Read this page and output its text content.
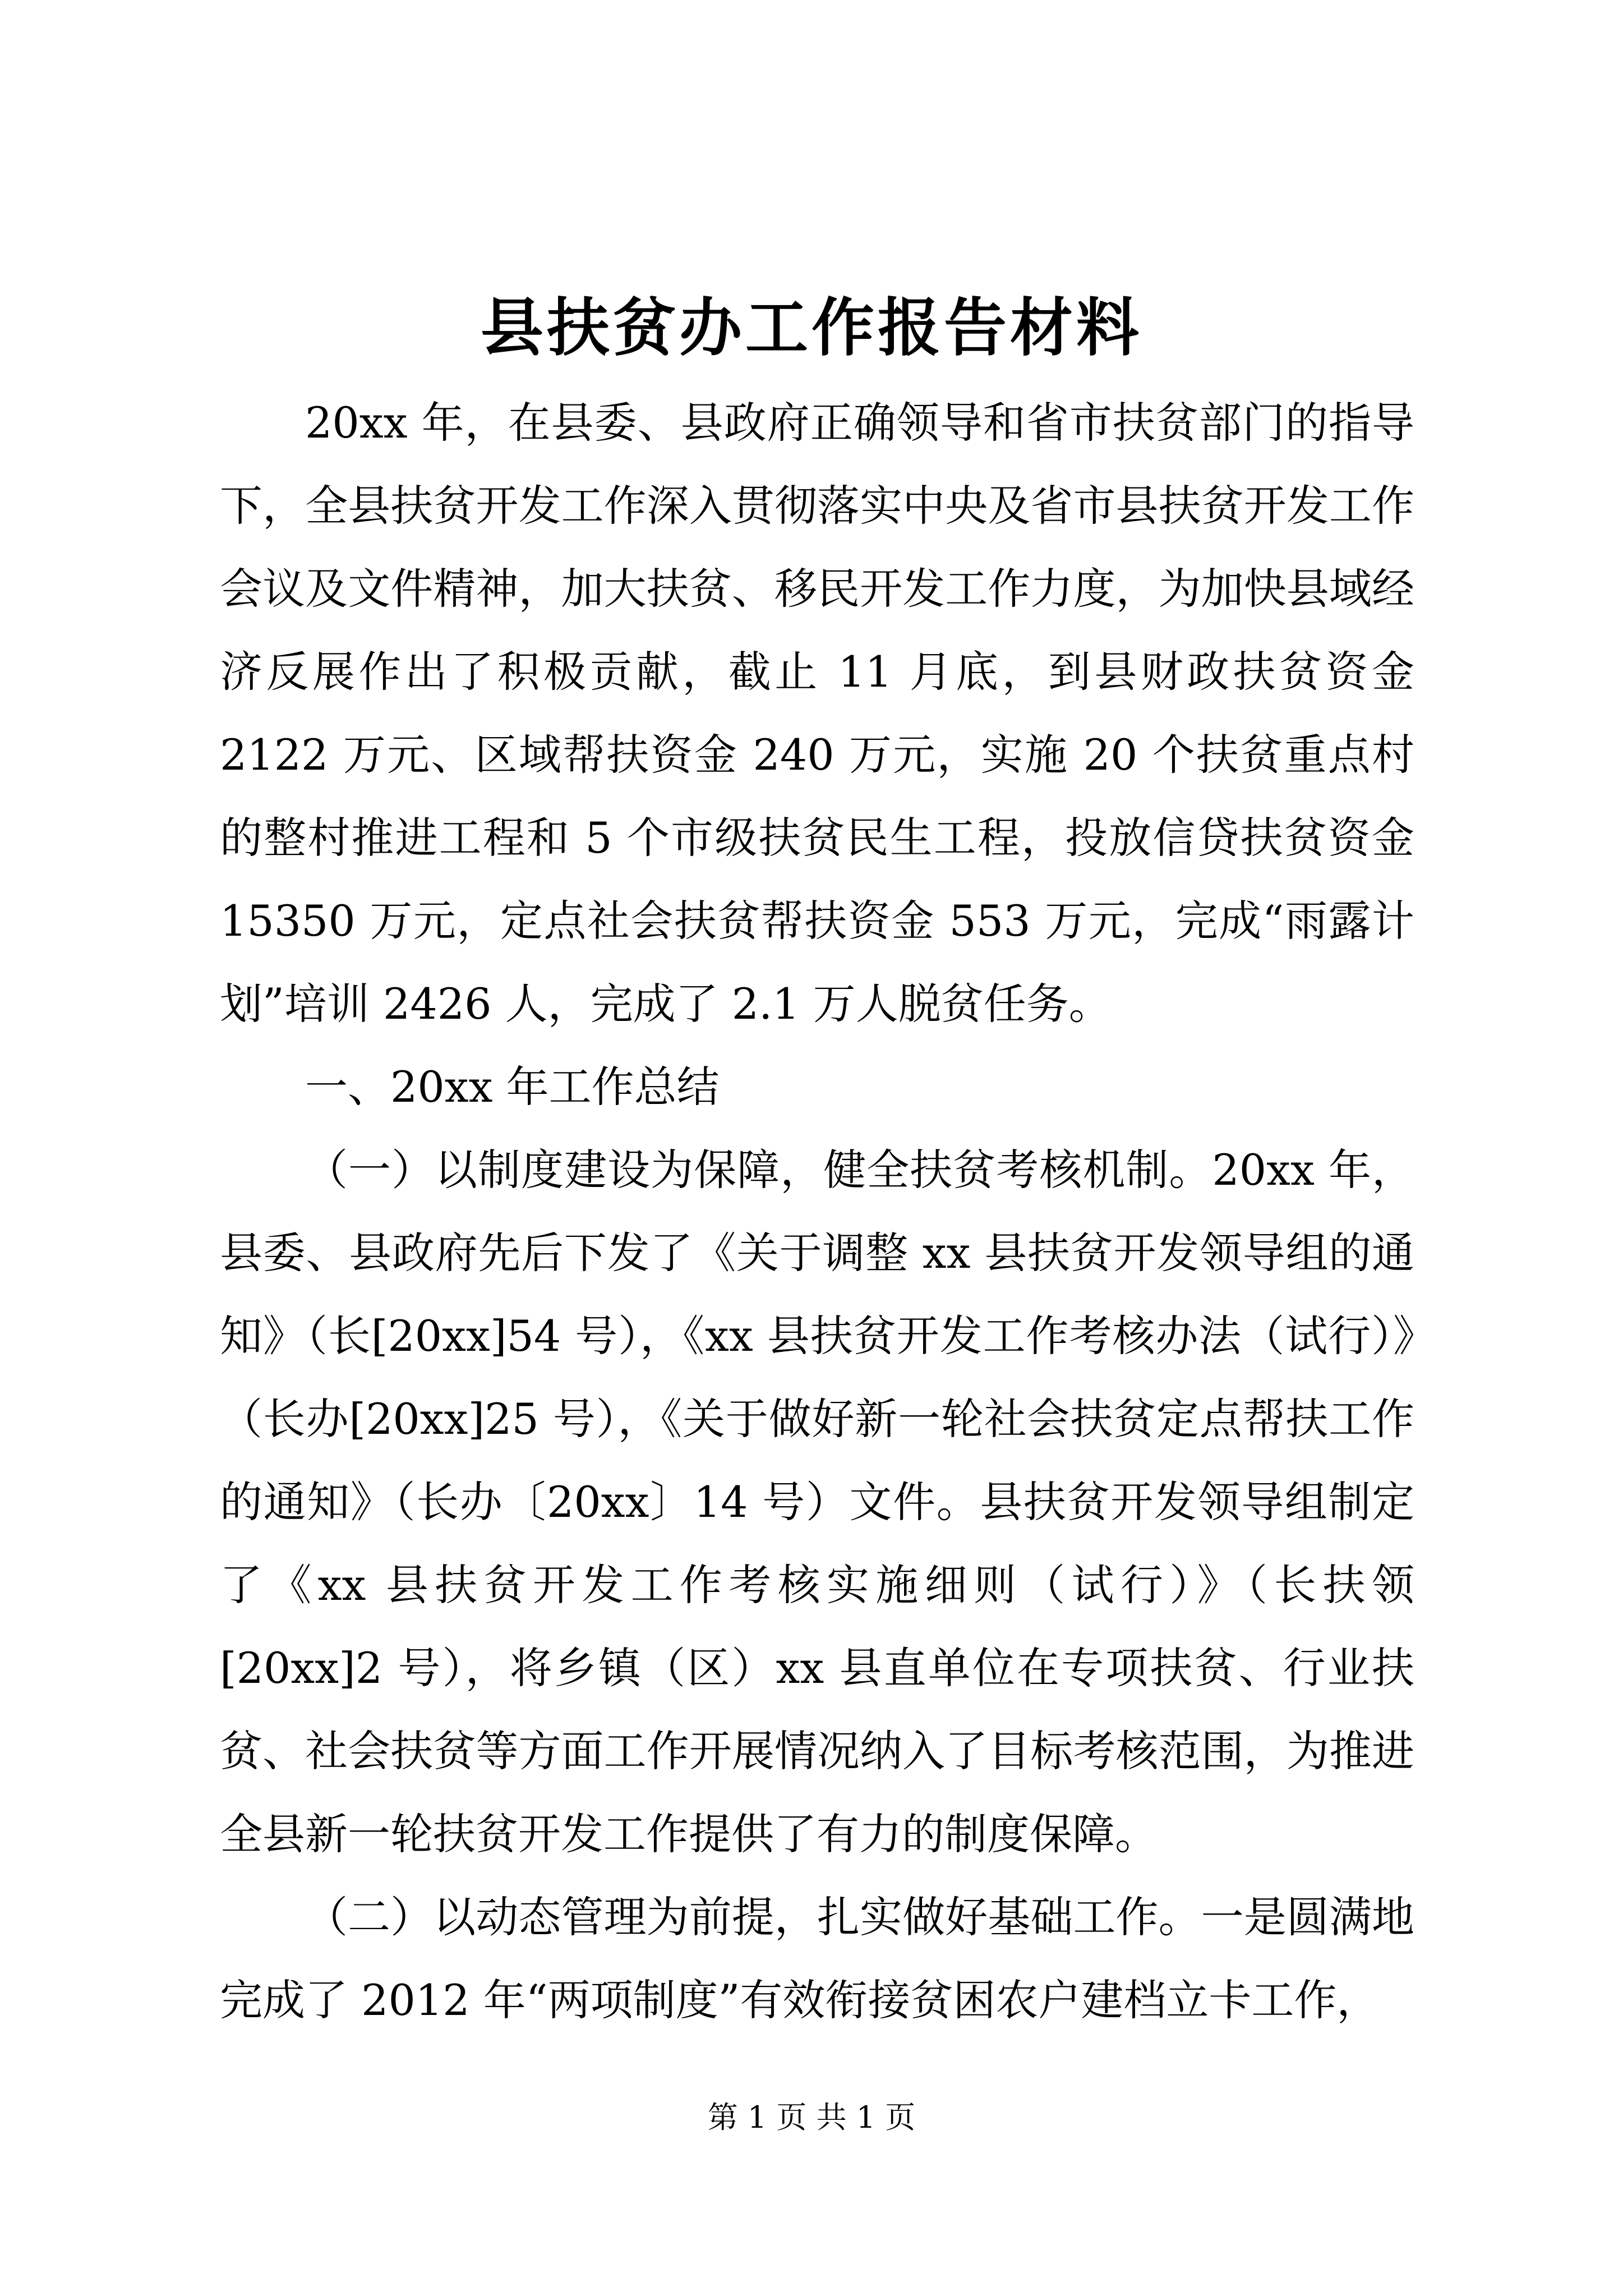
县扶贫办工作报告材料

20xx 年，在县委、县政府正确领导和省市扶贫部门的指导下，全县扶贫开发工作深入贯彻落实中央及省市县扶贫开发工作会议及文件精神，加大扶贫、移民开发工作力度，为加快县域经济反展作出了积极贡献，截止 11 月底，到县财政扶贫资金 2122 万元、区域帮扶资金 240 万元，实施 20 个扶贫重点村的整村推进工程和 5 个市级扶贫民生工程，投放信贷扶贫资金 15350 万元，定点社会扶贫帮扶资金 553 万元，完成“雨露计划”培训 2426 人，完成了 2.1 万人脱贫任务。

一、20xx 年工作总结

（一）以制度建设为保障，健全扶贫考核机制。20xx 年，县委、县政府先后下发了《关于调整 xx 县扶贫开发领导组的通知》（长[20xx]54 号），《xx 县扶贫开发工作考核办法（试行）》（长办[20xx]25 号），《关于做好新一轮社会扶贫定点帮扶工作的通知》（长办〔20xx〕14 号）文件。县扶贫开发领导组制定了《xx 县扶贫开发工作考核实施细则（试行）》（长扶领[20xx]2 号），将乡镇（区）xx 县直单位在专项扶贫、行业扶贫、社会扶贫等方面工作开展情况纳入了目标考核范围，为推进全县新一轮扶贫开发工作提供了有力的制度保障。

（二）以动态管理为前提，扎实做好基础工作。一是圆满地完成了 2012 年“两项制度”有效衔接贫困农户建档立卡工作，

第 1 页 共 1 页
